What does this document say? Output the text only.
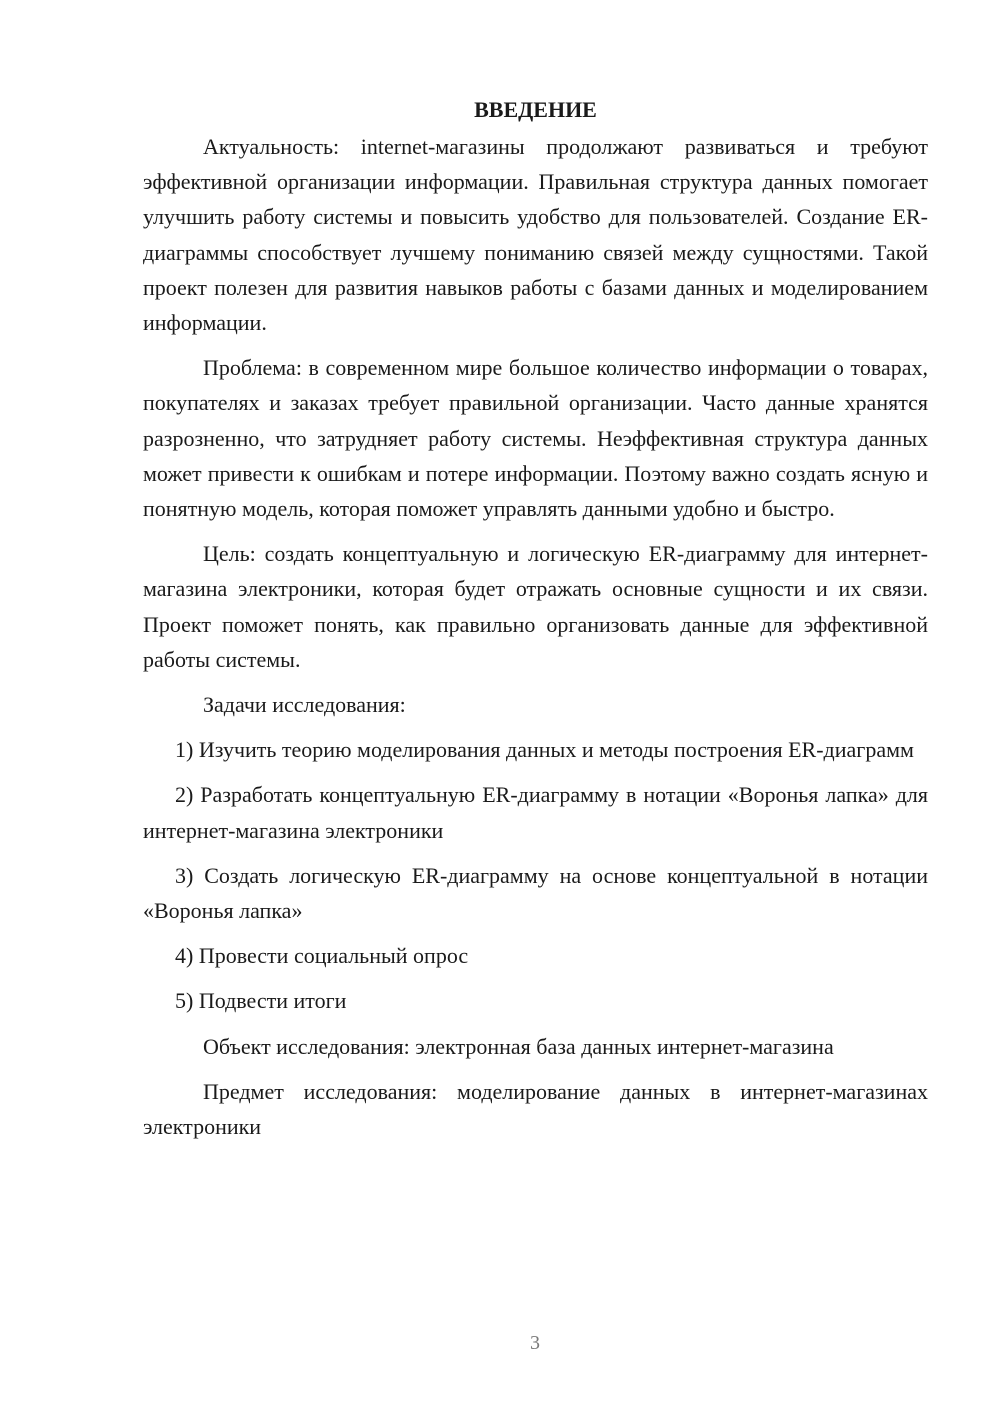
ВВЕДЕНИЕ

Актуальность: internet-магазины продолжают развиваться и требуют эффективной организации информации. Правильная структура данных помогает улучшить работу системы и повысить удобство для пользователей. Создание ER-диаграммы способствует лучшему пониманию связей между сущностями. Такой проект полезен для развития навыков работы с базами данных и моделированием информации.

Проблема: в современном мире большое количество информации о товарах, покупателях и заказах требует правильной организации. Часто данные хранятся разрозненно, что затрудняет работу системы. Неэффективная структура данных может привести к ошибкам и потере информации. Поэтому важно создать ясную и понятную модель, которая поможет управлять данными удобно и быстро.

Цель: создать концептуальную и логическую ER-диаграмму для интернет-магазина электроники, которая будет отражать основные сущности и их связи. Проект поможет понять, как правильно организовать данные для эффективной работы системы.

Задачи исследования:

1) Изучить теорию моделирования данных и методы построения ER-диаграмм

2) Разработать концептуальную ER-диаграмму в нотации «Воронья лапка» для интернет-магазина электроники

3) Создать логическую ER-диаграмму на основе концептуальной в нотации «Воронья лапка»

4) Провести социальный опрос

5) Подвести итоги

Объект исследования: электронная база данных интернет-магазина

Предмет исследования: моделирование данных в интернет-магазинах электроники

3
